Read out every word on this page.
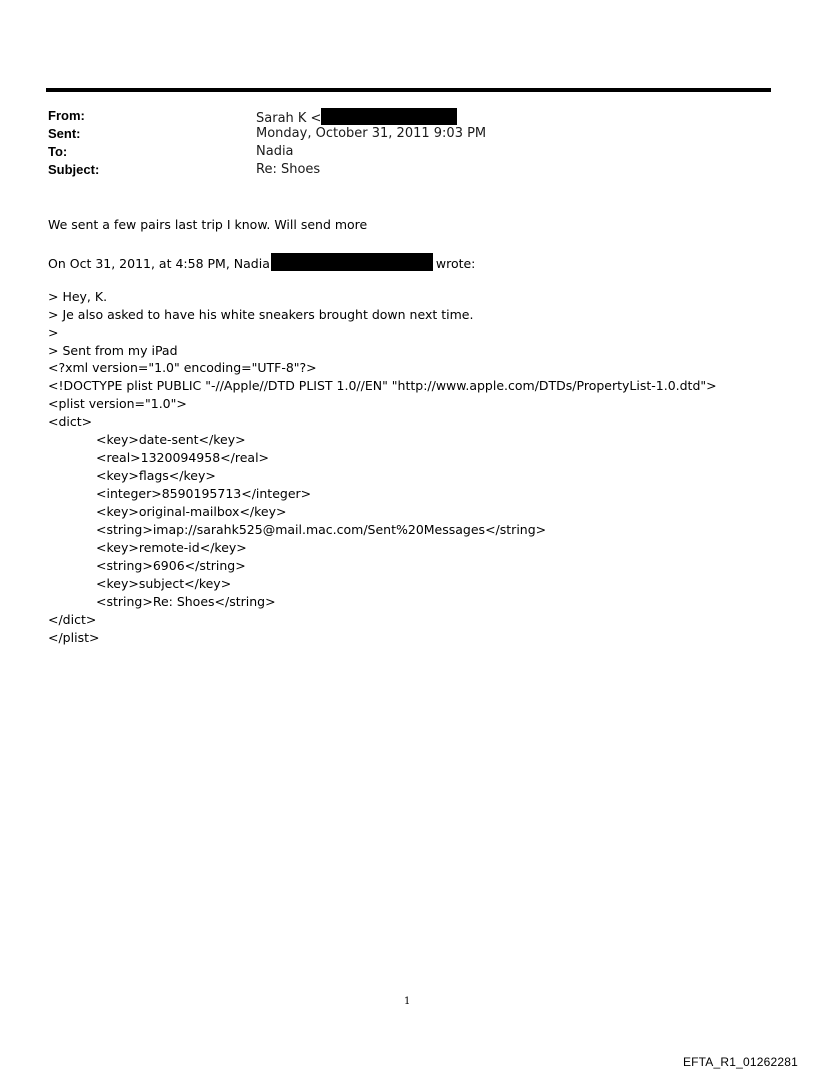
From:	Sarah K <
Sent:	Monday, October 31, 2011 9:03 PM
To:	Nadia
Subject:	Re: Shoes
We sent a few pairs last trip I know. Will send more
On Oct 31, 2011, at 4:58 PM, Nadia	wrote:
> Hey, K.
> Je also asked to have his white sneakers brought down next time.
>
> Sent from my iPad
<?xml version="1.0" encoding="UTF-8"?>
<!DOCTYPE plist PUBLIC "-//Apple//DTD PLIST 1.0//EN" "http://www.apple.com/DTDs/PropertyList-1.0.dtd">
<plist version="1.0">
<dict>
<key>date-sent</key>
<real>1320094958</real>
<key>flags</key>
<integer>8590195713</integer>
<key>original-mailbox</key>
<string>imap://sarahk525@mail.mac.com/Sent%20Messages</string>
<key>remote-id</key>
<string>6906</string>
<key>subject</key>
<string>Re: Shoes</string>
</dict>
</plist>
1
EFTA_R1_01262281
